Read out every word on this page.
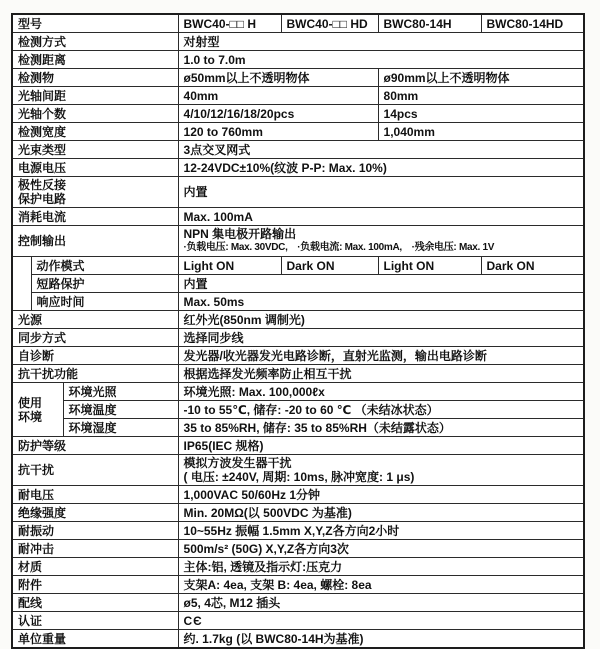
型号			BWC40-□□ H	BWC40-□□ HD	BWC80-14H	BWC80-14HD
检测方式			对射型			
检测距离			1.0 to 7.0m			
检测物			ø50mm以上不透明物体		ø90mm以上不透明物体	
光轴间距			40mm		80mm	
光轴个数			4/10/12/16/18/20pcs		14pcs	
检测宽度			120 to 760mm		1,040mm	
光束类型			3点交叉网式			
电源电压			12-24VDC±10%(纹波 P-P: Max. 10%)			

极性反接
保护电路			内置			
消耗电流			Max. 100mA			
控制输出			NPN 集电极开路输出
·负载电压: Max. 30VDC,　·负载电流: Max. 100mA,　·残余电压: Max. 1V			

	动作模式		Light ON	Dark ON	Light ON	Dark ON
	短路保护		内置			
	响应时间		Max. 50ms			
光源			红外光(850nm 调制光)			
同步方式			选择同步线			
自诊断			发光器/收光器发光电路诊断，直射光监测，输出电路诊断			
抗干扰功能			根据选择发光频率防止相互干扰			

使用
环境		环境光照	环境光照: Max. 100,000ℓx			
		环境温度	-10 to 55℃, 储存: -20 to 60 ℃ （未结冰状态）			
		环境湿度	35 to 85%RH, 储存: 35 to 85%RH（未结露状态）			
防护等级			IP65(IEC 规格)			
抗干扰			模拟方波发生器干扰
( 电压: ±240V, 周期: 10ms, 脉冲宽度: 1 μs)			

耐电压			1,000VAC 50/60Hz 1分钟			
绝缘强度			Min. 20MΩ(以 500VDC 为基准)			
耐振动			10~55Hz 振幅 1.5mm X,Y,Z各方向2小时			
耐冲击			500m/s² (50G) X,Y,Z各方向3次			
材质			主体:铝, 透镜及指示灯:压克力			
附件			支架A: 4ea, 支架 B: 4ea, 螺栓: 8ea			
配线			ø5, 4芯, M12 插头			
认证			CЄ			
单位重量			约. 1.7kg (以 BWC80-14H为基准)			
